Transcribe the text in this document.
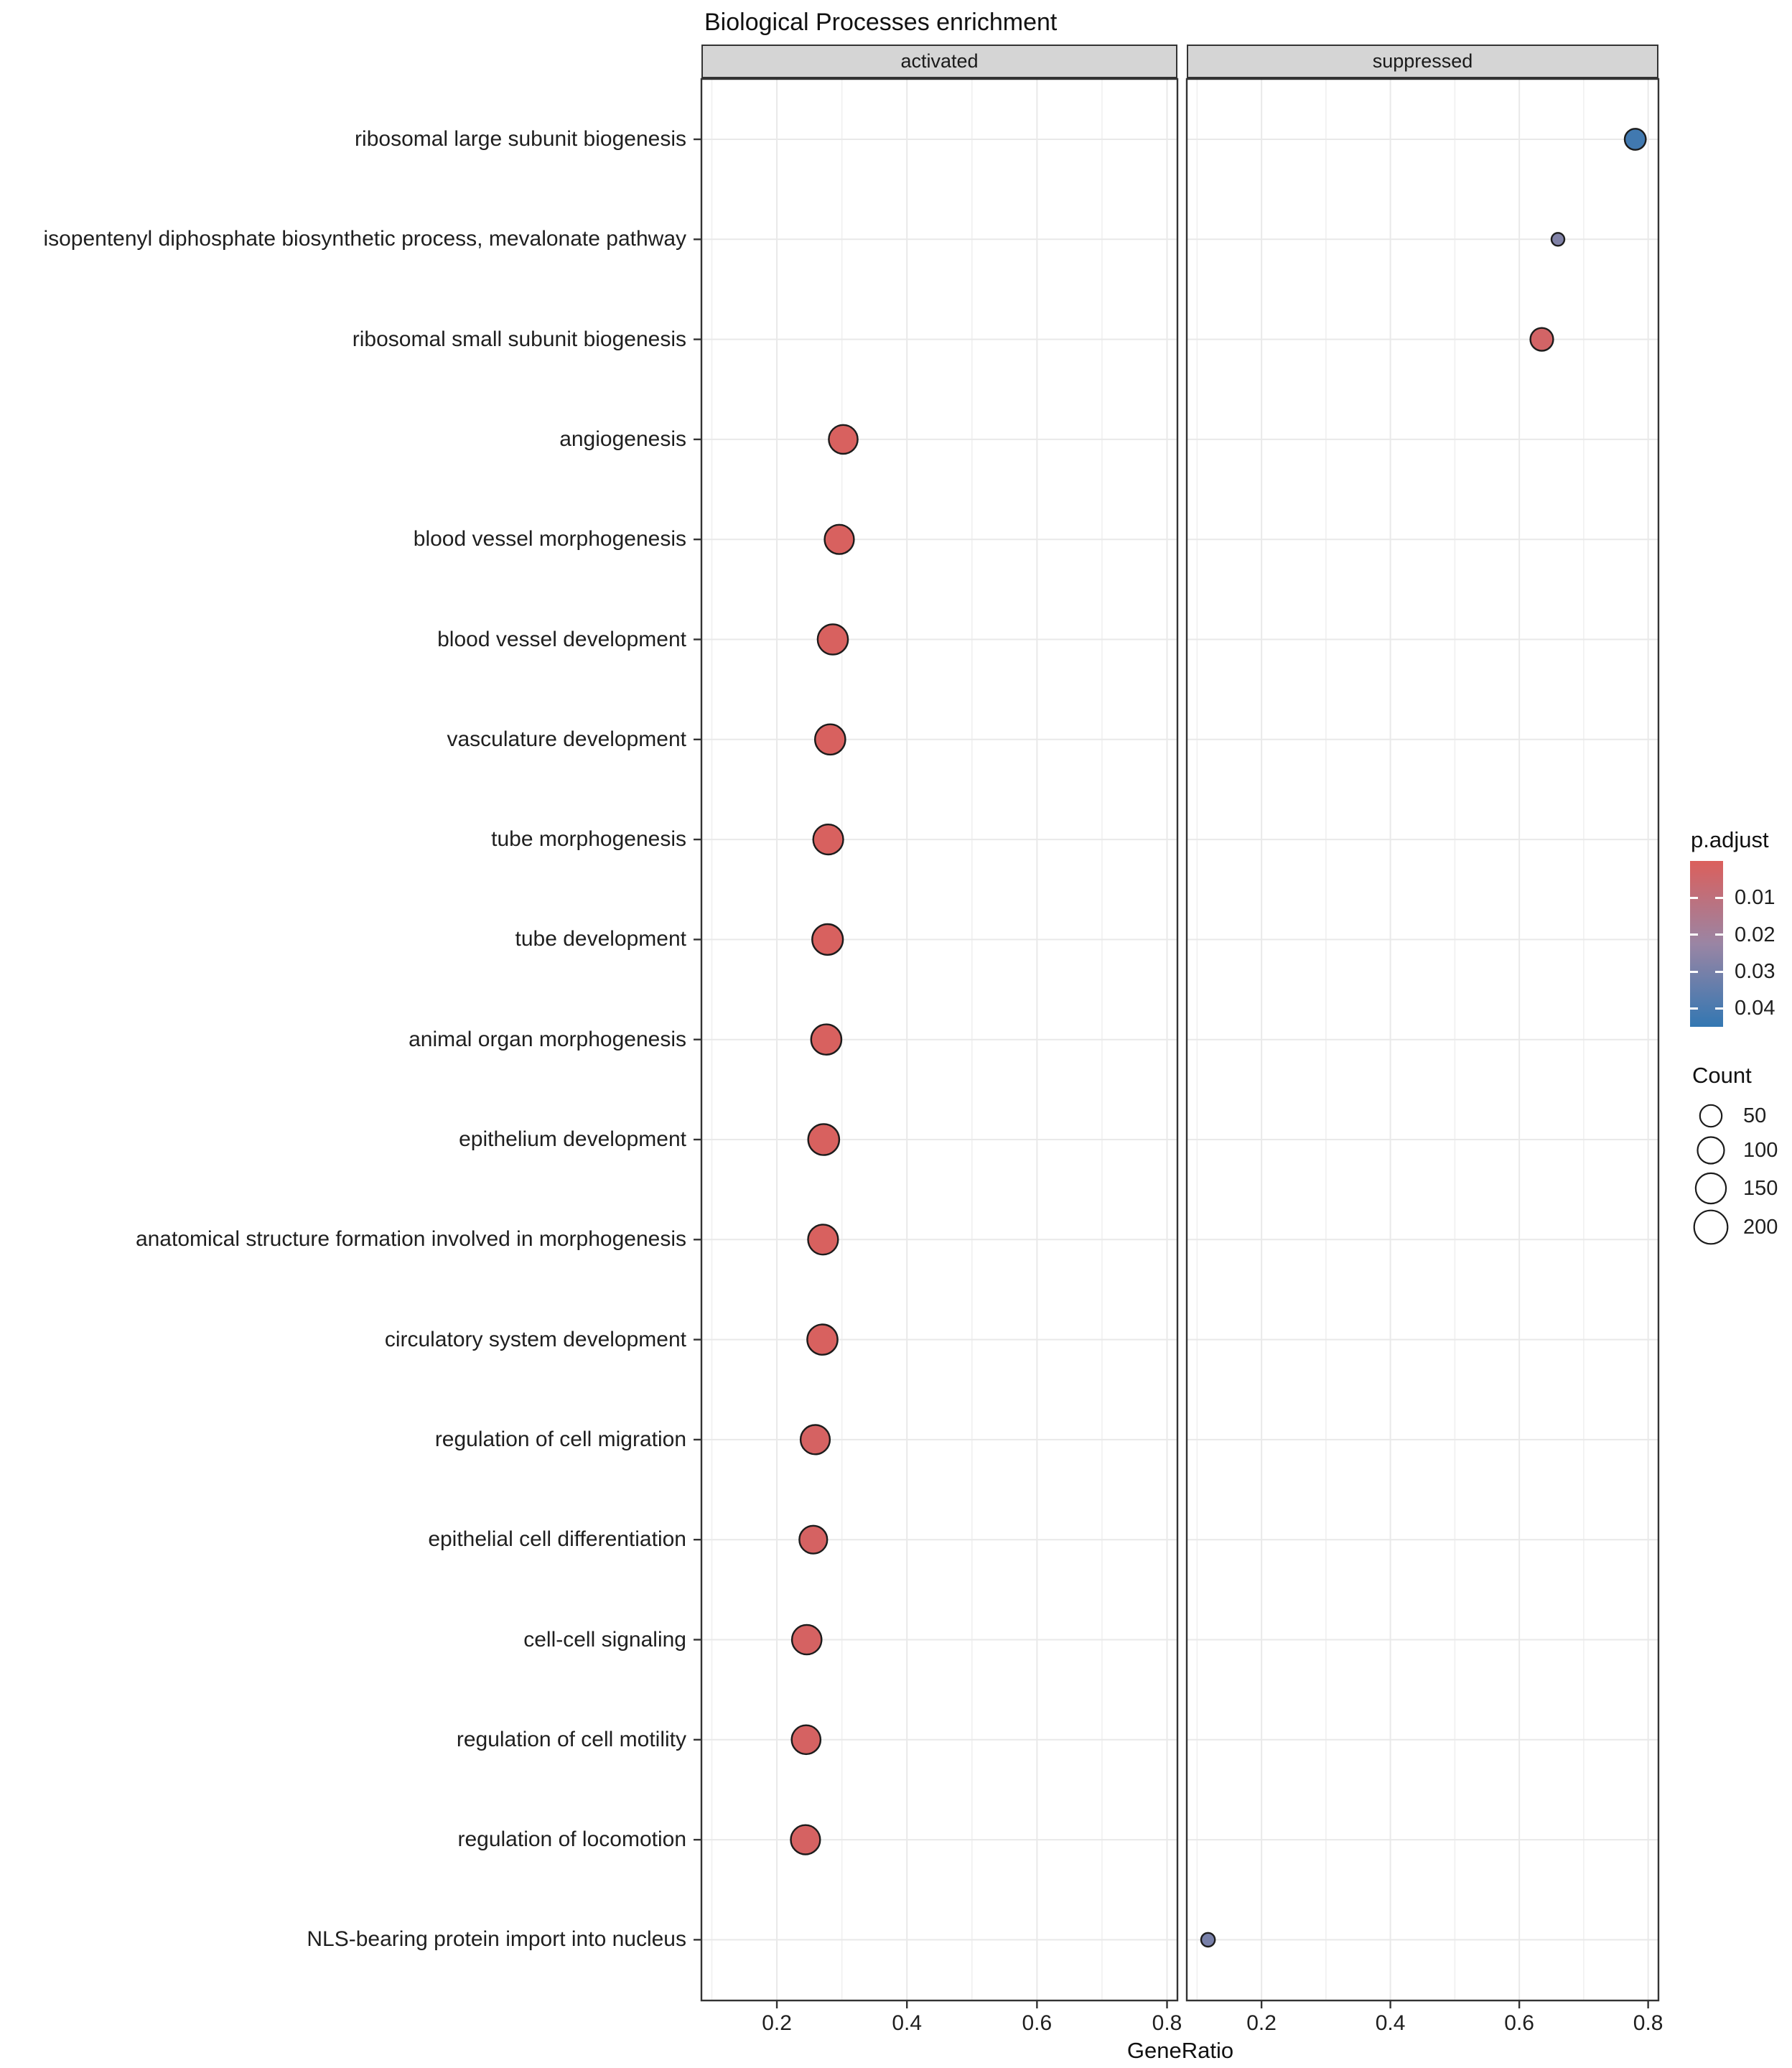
Biological Processes enrichment
activated	suppressed
ribosomal large subunit biogenesis
isopentenyl diphosphate biosynthetic process, mevalonate pathway
ribosomal small subunit biogenesis
angiogenesis
blood vessel morphogenesis
blood vessel development
vasculature development
tube morphogenesis
tube development
animal organ morphogenesis
epithelium development
anatomical structure formation involved in morphogenesis
circulatory system development
regulation of cell migration
epithelial cell differentiation
cell-cell signaling
regulation of cell motility
regulation of locomotion
NLS-bearing protein import into nucleus
0.2	0.4	0.6	0.8	0.2	0.4	0.6	0.8
GeneRatio
p.adjust
0.01
0.02
0.03
0.04
Count
50
100
150
200
